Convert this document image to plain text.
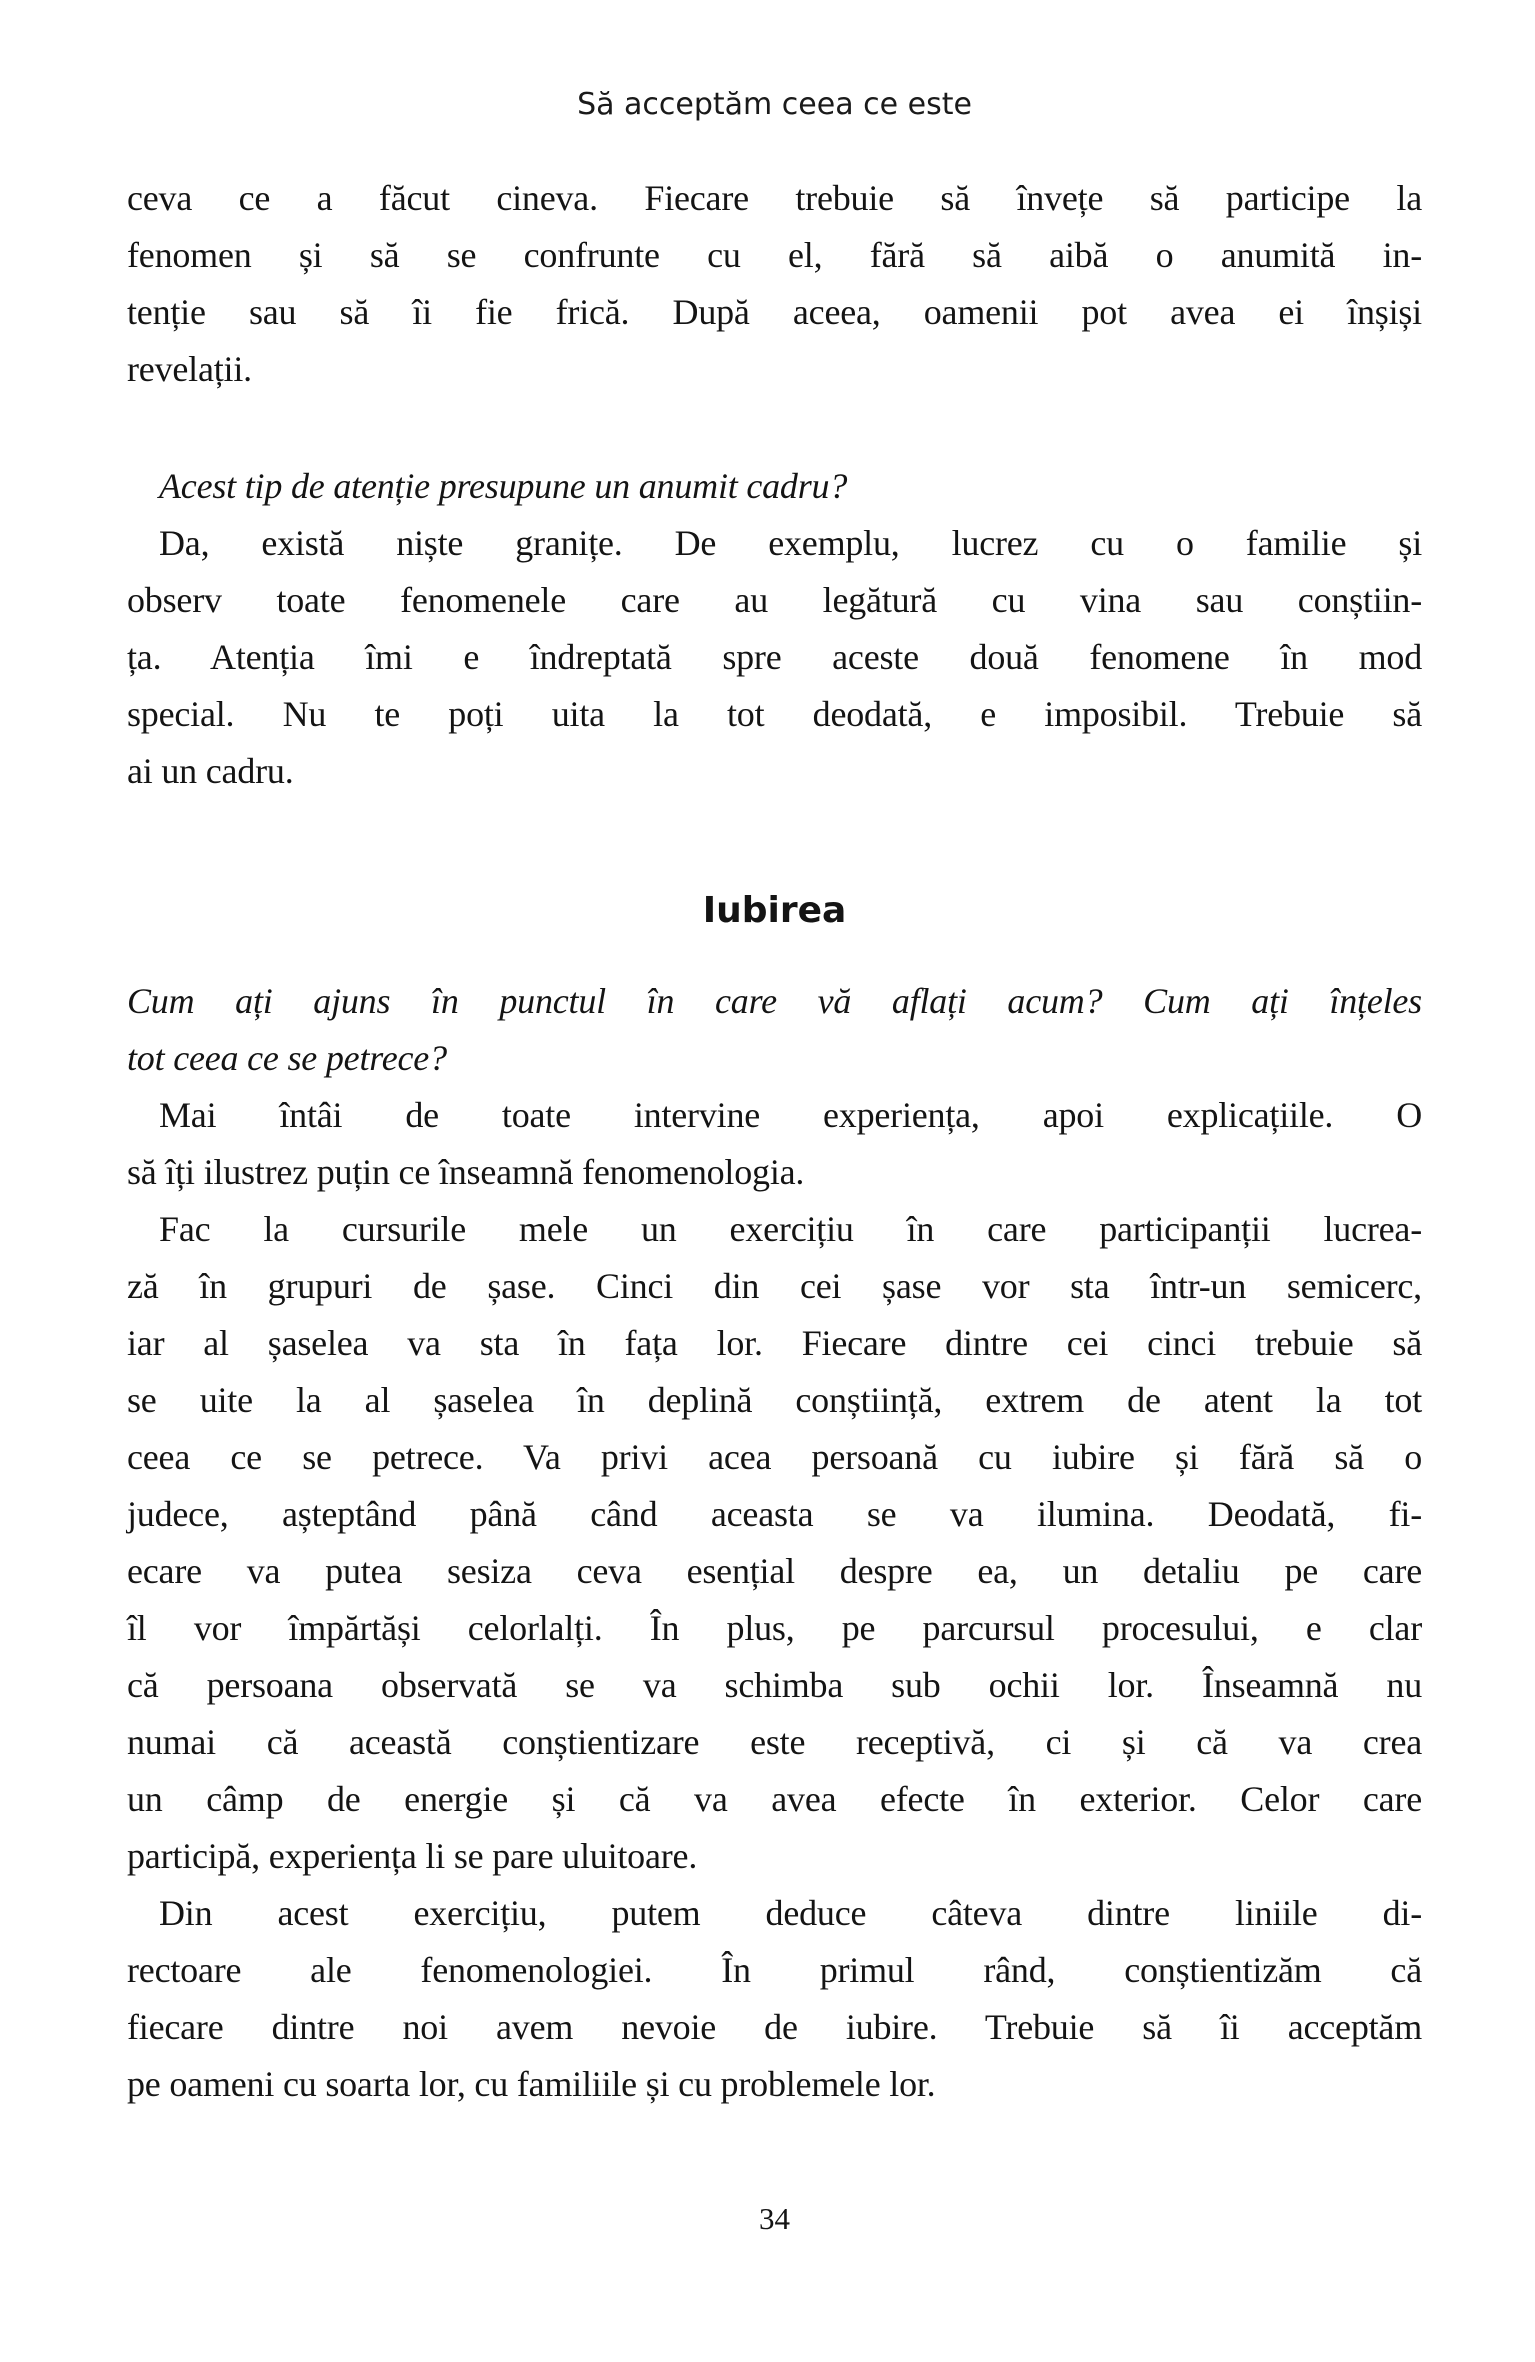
Să acceptăm ceea ce este
ceva ce a făcut cineva. Fiecare trebuie să învețe să participe la
fenomen și să se confrunte cu el, fără să aibă o anumită in-
tenție sau să îi fie frică. După aceea, oamenii pot avea ei înșiși
revelații.
Acest tip de atenție presupune un anumit cadru?
Da, există niște granițe. De exemplu, lucrez cu o familie și
observ toate fenomenele care au legătură cu vina sau conștiin-
ța. Atenția îmi e îndreptată spre aceste două fenomene în mod
special. Nu te poți uita la tot deodată, e imposibil. Trebuie să
ai un cadru.
Iubirea
Cum ați ajuns în punctul în care vă aflați acum? Cum ați înțeles
tot ceea ce se petrece?
Mai întâi de toate intervine experiența, apoi explicațiile. O
să îți ilustrez puțin ce înseamnă fenomenologia.
Fac la cursurile mele un exercițiu în care participanții lucrea-
ză în grupuri de șase. Cinci din cei șase vor sta într-un semicerc,
iar al șaselea va sta în fața lor. Fiecare dintre cei cinci trebuie să
se uite la al șaselea în deplină conștiință, extrem de atent la tot
ceea ce se petrece. Va privi acea persoană cu iubire și fără să o
judece, așteptând până când aceasta se va ilumina. Deodată, fi-
ecare va putea sesiza ceva esențial despre ea, un detaliu pe care
îl vor împărtăși celorlalți. În plus, pe parcursul procesului, e clar
că persoana observată se va schimba sub ochii lor. Înseamnă nu
numai că această conștientizare este receptivă, ci și că va crea
un câmp de energie și că va avea efecte în exterior. Celor care
participă, experiența li se pare uluitoare.
Din acest exercițiu, putem deduce câteva dintre liniile di-
rectoare ale fenomenologiei. În primul rând, conștientizăm că
fiecare dintre noi avem nevoie de iubire. Trebuie să îi acceptăm
pe oameni cu soarta lor, cu familiile și cu problemele lor.
34
